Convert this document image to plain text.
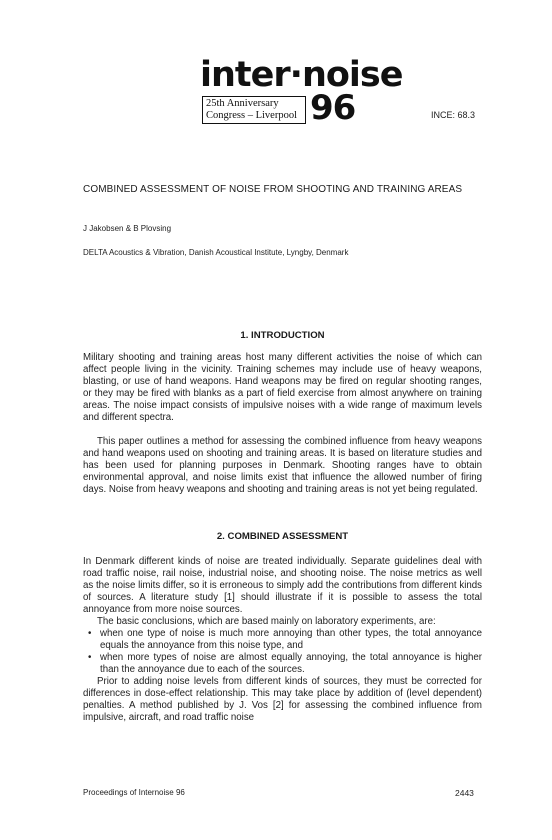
inter·noise
25th Anniversary
Congress – Liverpool 96	INCE: 68.3
COMBINED ASSESSMENT OF NOISE FROM SHOOTING AND TRAINING AREAS
J Jakobsen & B Plovsing
DELTA Acoustics & Vibration, Danish Acoustical Institute, Lyngby, Denmark
1. INTRODUCTION

Military shooting and training areas host many different activities the noise of which can affect people living in the vicinity. Training schemes may include use of heavy weapons, blasting, or use of hand weapons. Hand weapons may be fired on regular shooting ranges, or they may be fired with blanks as a part of field exercise from almost anywhere on training areas. The noise impact consists of impulsive noises with a wide range of maximum levels and different spectra.

This paper outlines a method for assessing the combined influence from heavy weapons and hand weapons used on shooting and training areas. It is based on literature studies and has been used for planning purposes in Denmark. Shooting ranges have to obtain environmental approval, and noise limits exist that influence the allowed number of firing days. Noise from heavy weapons and shooting and training areas is not yet being regulated.

2. COMBINED ASSESSMENT

In Denmark different kinds of noise are treated individually. Separate guidelines deal with road traffic noise, rail noise, industrial noise, and shooting noise. The noise metrics as well as the noise limits differ, so it is erroneous to simply add the contributions from different kinds of sources. A literature study [1] should illustrate if it is possible to assess the total annoyance from more noise sources.

The basic conclusions, which are based mainly on laboratory experiments, are:

• when one type of noise is much more annoying than other types, the total annoyance equals the annoyance from this noise type, and
• when more types of noise are almost equally annoying, the total annoyance is higher than the annoyance due to each of the sources.

Prior to adding noise levels from different kinds of sources, they must be corrected for differences in dose-effect relationship. This may take place by addition of (level dependent) penalties. A method published by J. Vos [2] for assessing the combined influence from impulsive, aircraft, and road traffic noise

Proceedings of Internoise 96	2443
